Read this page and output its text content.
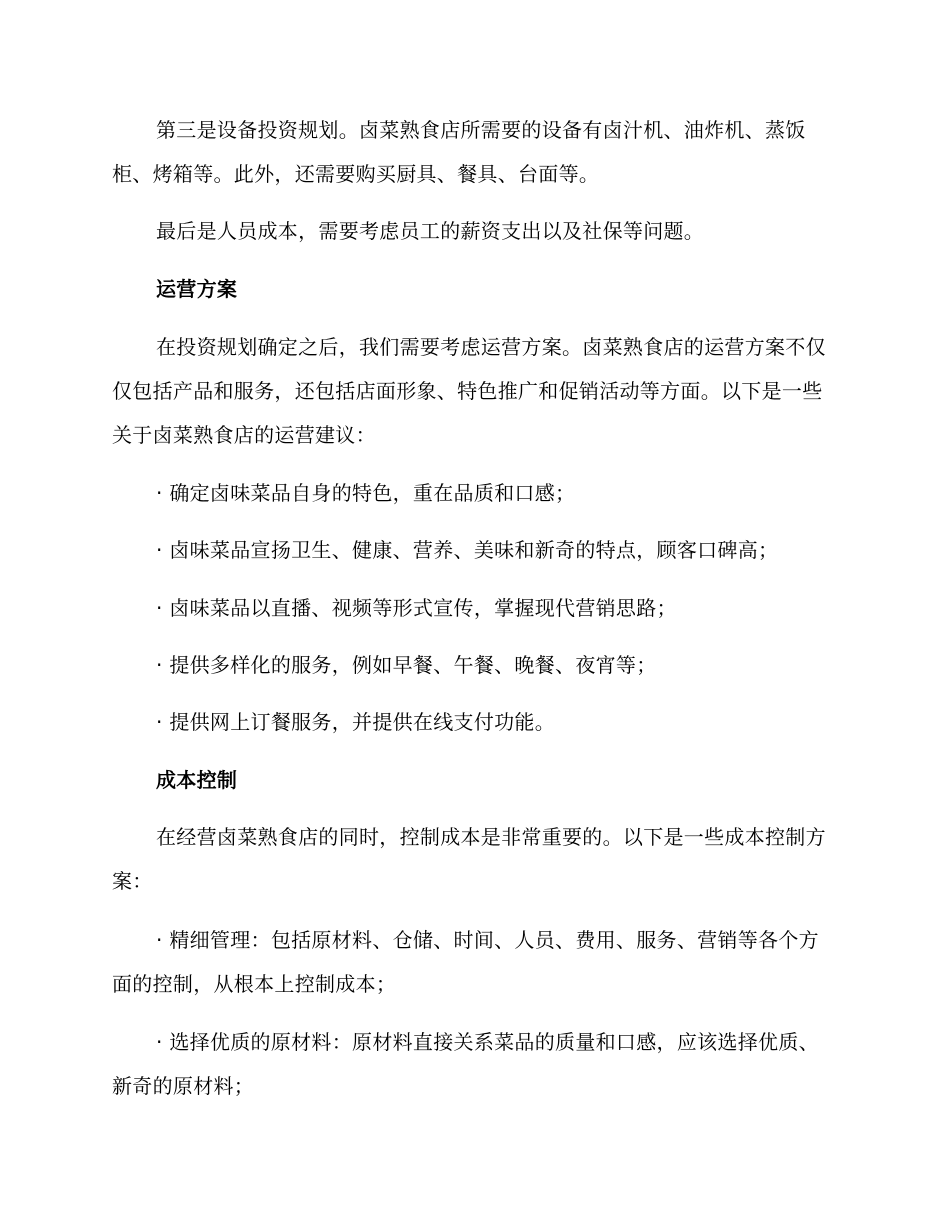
第三是设备投资规划。卤菜熟食店所需要的设备有卤汁机、油炸机、蒸饭柜、烤箱等。此外，还需要购买厨具、餐具、台面等。
最后是人员成本，需要考虑员工的薪资支出以及社保等问题。
运营方案
在投资规划确定之后，我们需要考虑运营方案。卤菜熟食店的运营方案不仅仅包括产品和服务，还包括店面形象、特色推广和促销活动等方面。以下是一些关于卤菜熟食店的运营建议：
· 确定卤味菜品自身的特色，重在品质和口感；
· 卤味菜品宣扬卫生、健康、营养、美味和新奇的特点，顾客口碑高；
· 卤味菜品以直播、视频等形式宣传，掌握现代营销思路；
· 提供多样化的服务，例如早餐、午餐、晚餐、夜宵等；
· 提供网上订餐服务，并提供在线支付功能。
成本控制
在经营卤菜熟食店的同时，控制成本是非常重要的。以下是一些成本控制方案：
· 精细管理：包括原材料、仓储、时间、人员、费用、服务、营销等各个方面的控制，从根本上控制成本；
· 选择优质的原材料：原材料直接关系菜品的质量和口感，应该选择优质、新奇的原材料；
